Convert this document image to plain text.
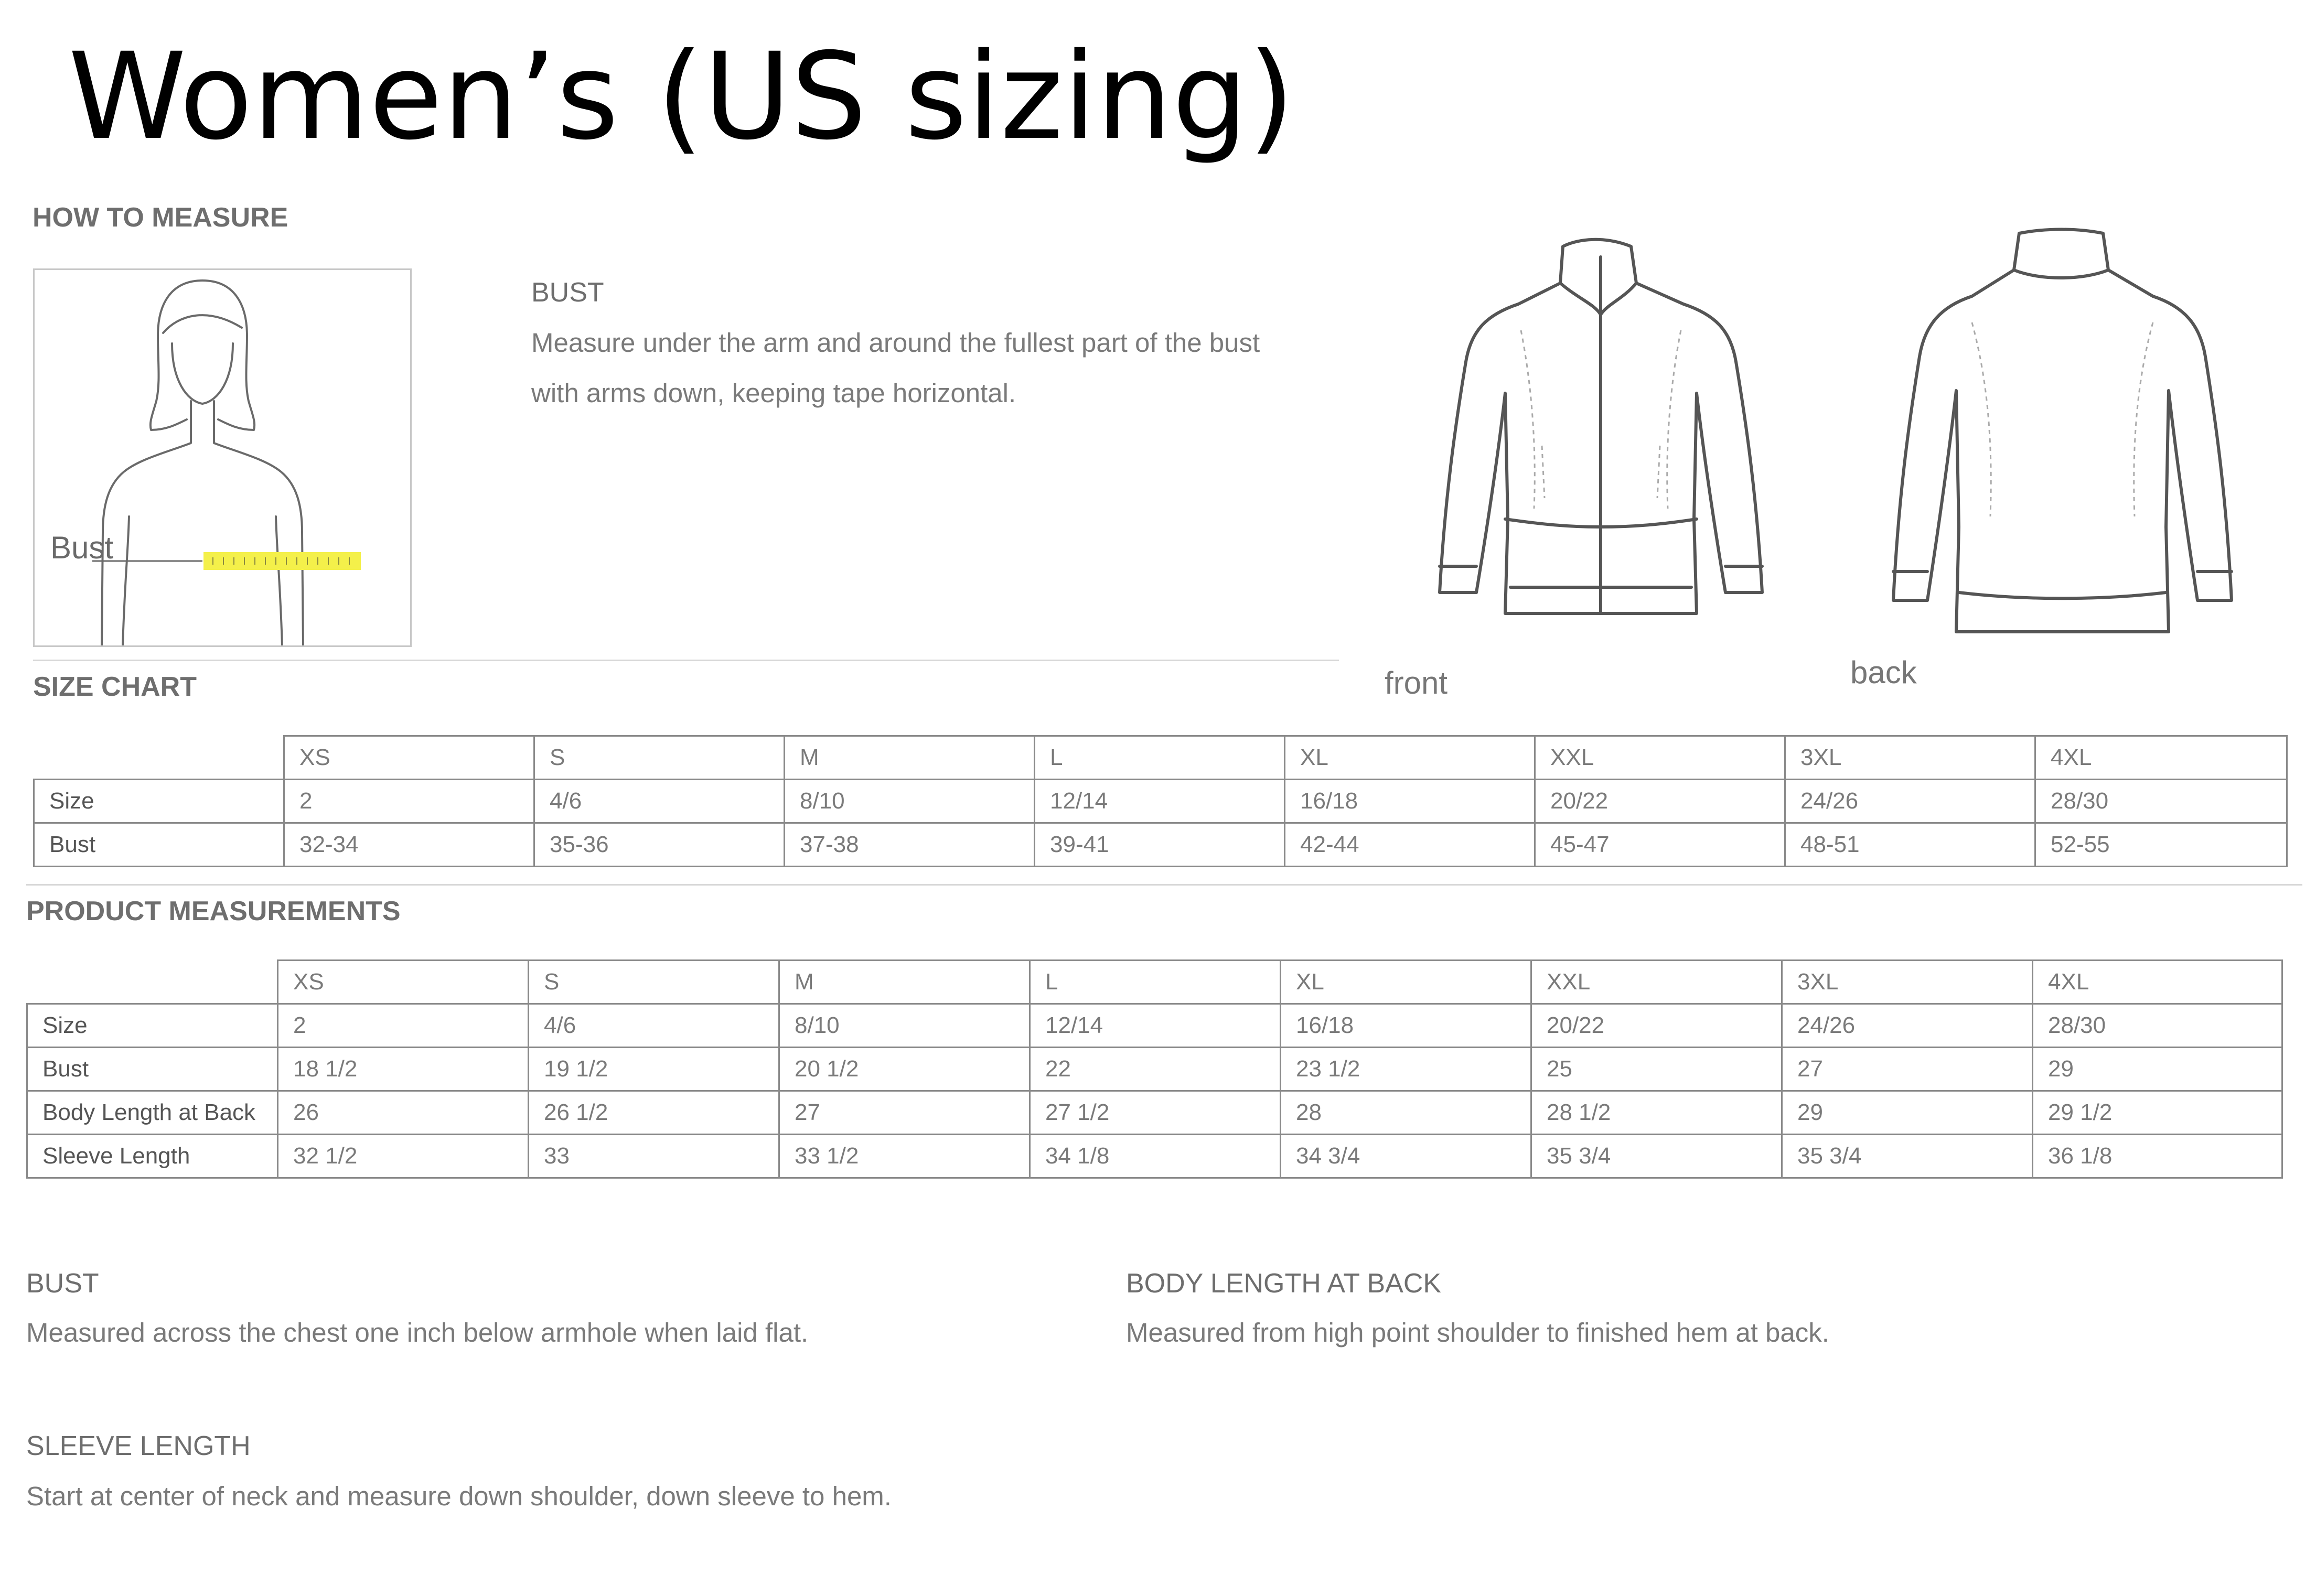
Women’s (US sizing)
HOW TO MEASURE
Bust
BUST
Measure under the arm and around the fullest part of the bust
with arms down, keeping tape horizontal.
front	back
SIZE CHART
	XS	S	M	L	XL	XXL	3XL	4XL
Size	2	4/6	8/10	12/14	16/18	20/22	24/26	28/30
Bust	32-34	35-36	37-38	39-41	42-44	45-47	48-51	52-55
PRODUCT MEASUREMENTS
	XS	S	M	L	XL	XXL	3XL	4XL
Size	2	4/6	8/10	12/14	16/18	20/22	24/26	28/30
Bust	18 1/2	19 1/2	20 1/2	22	23 1/2	25	27	29
Body Length at Back	26	26 1/2	27	27 1/2	28	28 1/2	29	29 1/2
Sleeve Length	32 1/2	33	33 1/2	34 1/8	34 3/4	35 3/4	35 3/4	36 1/8
BUST
Measured across the chest one inch below armhole when laid flat.
BODY LENGTH AT BACK
Measured from high point shoulder to finished hem at back.
SLEEVE LENGTH
Start at center of neck and measure down shoulder, down sleeve to hem.
